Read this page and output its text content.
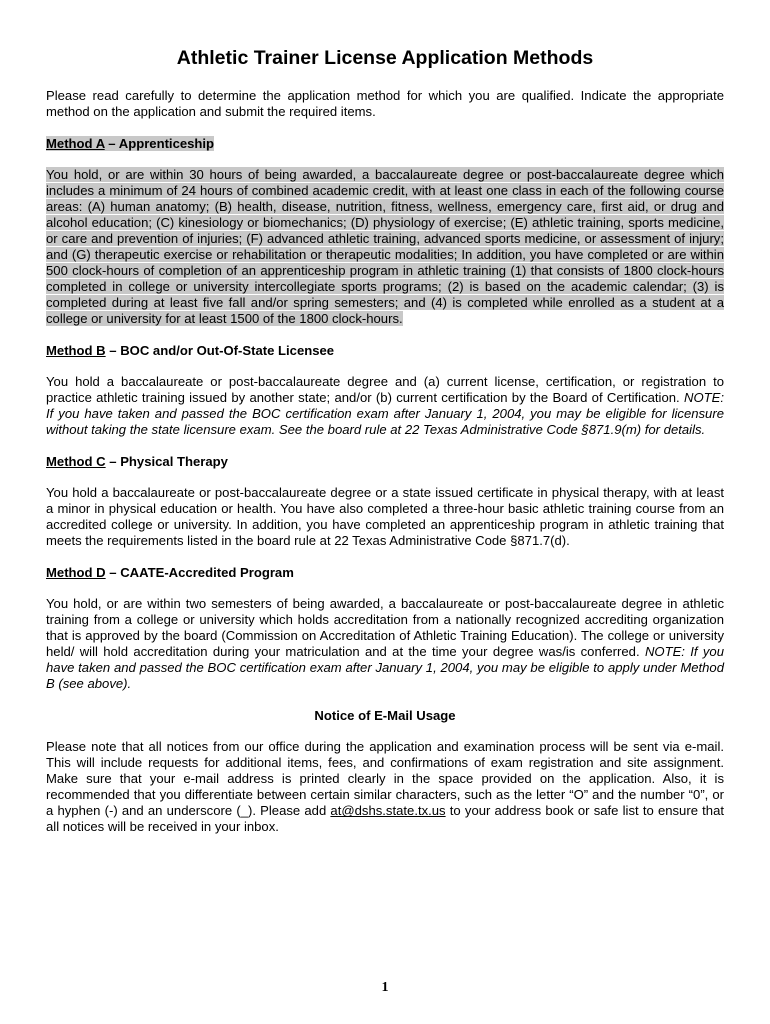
Athletic Trainer License Application Methods

Please read carefully to determine the application method for which you are qualified. Indicate the appropriate method on the application and submit the required items.

Method A – Apprenticeship

You hold, or are within 30 hours of being awarded, a baccalaureate degree or post-baccalaureate degree which includes a minimum of 24 hours of combined academic credit, with at least one class in each of the following course areas: (A) human anatomy; (B) health, disease, nutrition, fitness, wellness, emergency care, first aid, or drug and alcohol education; (C) kinesiology or biomechanics; (D) physiology of exercise; (E) athletic training, sports medicine, or care and prevention of injuries; (F) advanced athletic training, advanced sports medicine, or assessment of injury; and (G) therapeutic exercise or rehabilitation or therapeutic modalities; In addition, you have completed or are within 500 clock-hours of completion of an apprenticeship program in athletic training (1) that consists of 1800 clock-hours completed in college or university intercollegiate sports programs; (2) is based on the academic calendar; (3) is completed during at least five fall and/or spring semesters; and (4) is completed while enrolled as a student at a college or university for at least 1500 of the 1800 clock-hours.

Method B – BOC and/or Out-Of-State Licensee

You hold a baccalaureate or post-baccalaureate degree and (a) current license, certification, or registration to practice athletic training issued by another state; and/or (b) current certification by the Board of Certification. NOTE: If you have taken and passed the BOC certification exam after January 1, 2004, you may be eligible for licensure without taking the state licensure exam. See the board rule at 22 Texas Administrative Code §871.9(m) for details.

Method C – Physical Therapy

You hold a baccalaureate or post-baccalaureate degree or a state issued certificate in physical therapy, with at least a minor in physical education or health. You have also completed a three-hour basic athletic training course from an accredited college or university. In addition, you have completed an apprenticeship program in athletic training that meets the requirements listed in the board rule at 22 Texas Administrative Code §871.7(d).

Method D – CAATE-Accredited Program

You hold, or are within two semesters of being awarded, a baccalaureate or post-baccalaureate degree in athletic training from a college or university which holds accreditation from a nationally recognized accrediting organization that is approved by the board (Commission on Accreditation of Athletic Training Education). The college or university held/ will hold accreditation during your matriculation and at the time your degree was/is conferred. NOTE: If you have taken and passed the BOC certification exam after January 1, 2004, you may be eligible to apply under Method B (see above).

Notice of E-Mail Usage

Please note that all notices from our office during the application and examination process will be sent via e-mail. This will include requests for additional items, fees, and confirmations of exam registration and site assignment. Make sure that your e-mail address is printed clearly in the space provided on the application. Also, it is recommended that you differentiate between certain similar characters, such as the letter “O” and the number “0”, or a hyphen (-) and an underscore (_). Please add at@dshs.state.tx.us to your address book or safe list to ensure that all notices will be received in your inbox.

1
